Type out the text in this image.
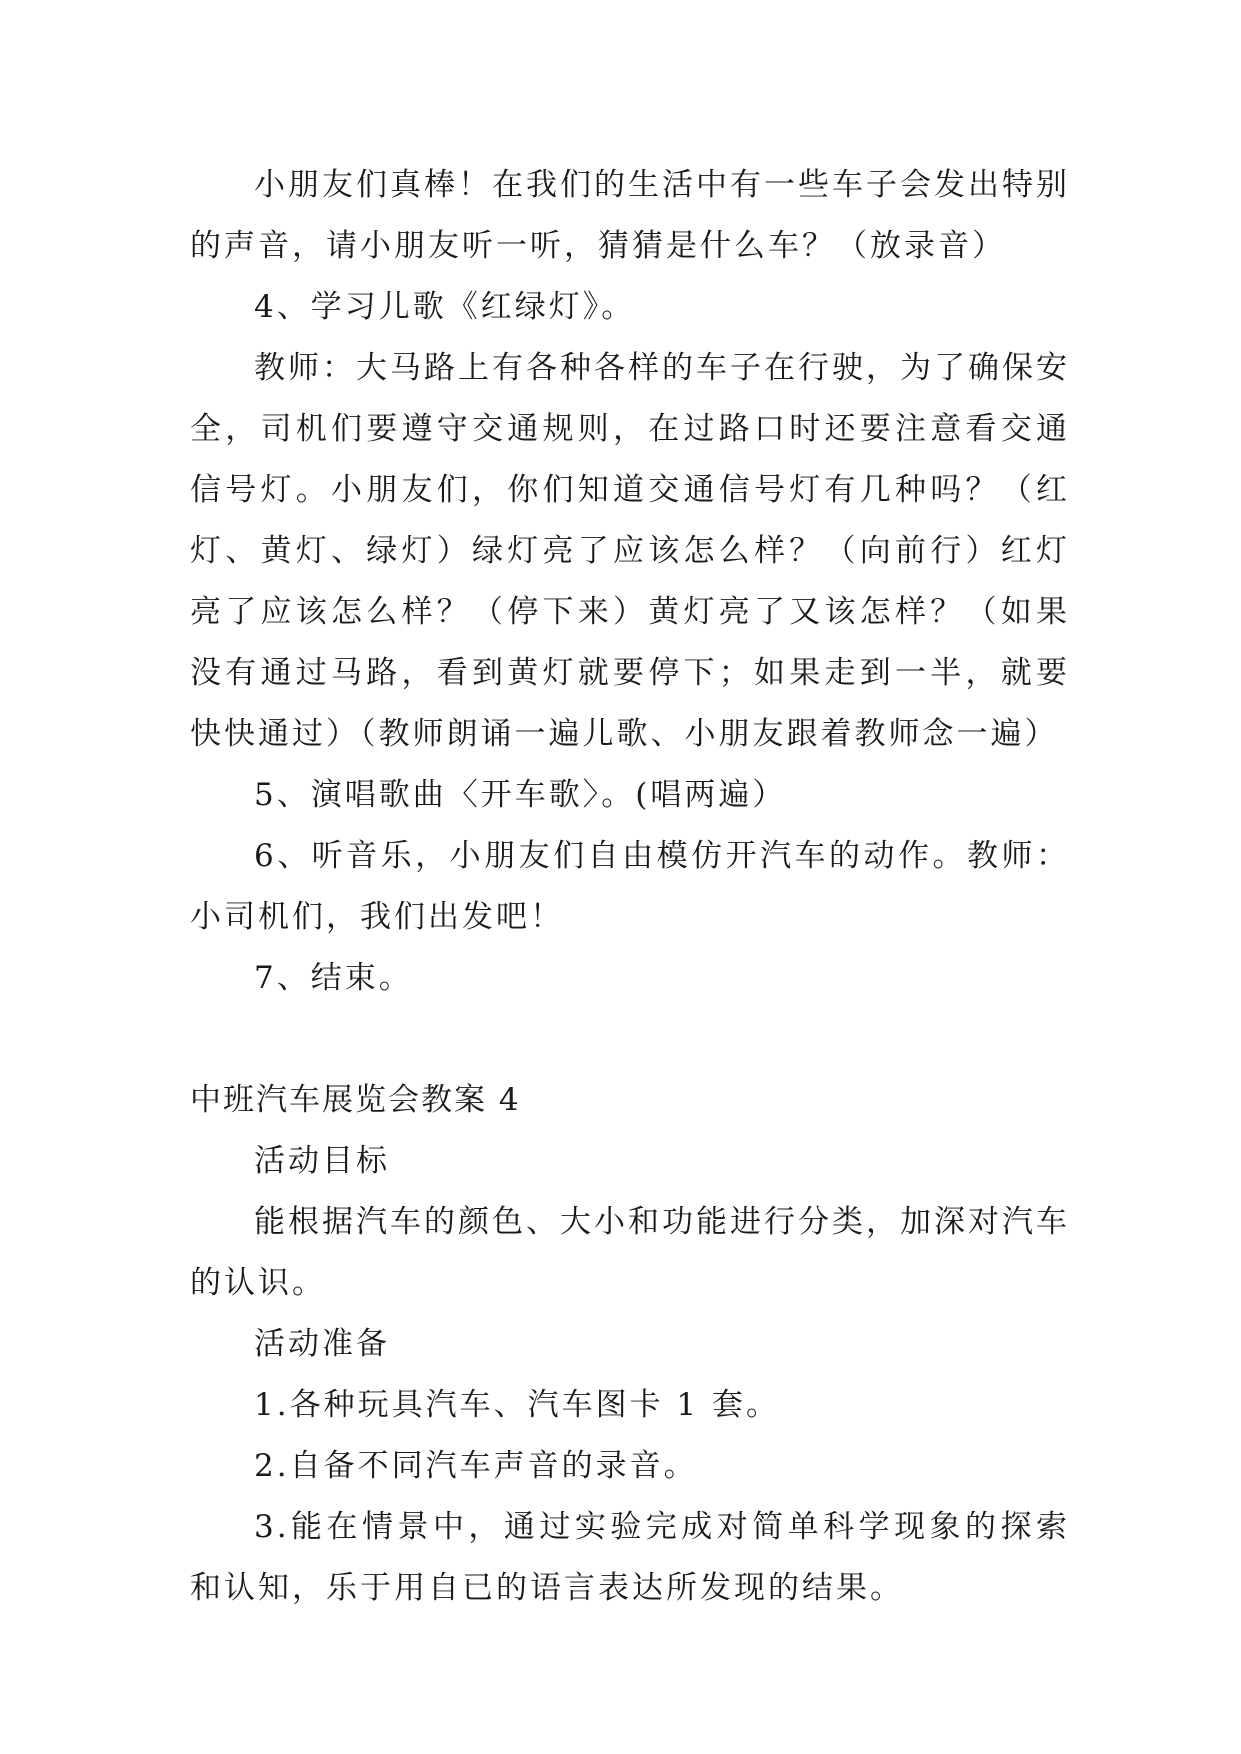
小朋友们真棒！在我们的生活中有一些车子会发出特别的声音，请小朋友听一听，猜猜是什么车？（放录音）

4、学习儿歌《红绿灯》。

教师：大马路上有各种各样的车子在行驶，为了确保安全，司机们要遵守交通规则，在过路口时还要注意看交通信号灯。小朋友们，你们知道交通信号灯有几种吗？（红灯、黄灯、绿灯）绿灯亮了应该怎么样？（向前行）红灯亮了应该怎么样？（停下来）黄灯亮了又该怎样？（如果没有通过马路，看到黄灯就要停下；如果走到一半，就要快快通过）（教师朗诵一遍儿歌、小朋友跟着教师念一遍）

5、演唱歌曲〈开车歌〉。(唱两遍）

6、听音乐，小朋友们自由模仿开汽车的动作。教师：小司机们，我们出发吧！

7、结束。

中班汽车展览会教案 4

活动目标

能根据汽车的颜色、大小和功能进行分类，加深对汽车的认识。

活动准备

1.各种玩具汽车、汽车图卡 1 套。

2.自备不同汽车声音的录音。

3.能在情景中，通过实验完成对简单科学现象的探索和认知，乐于用自已的语言表达所发现的结果。
